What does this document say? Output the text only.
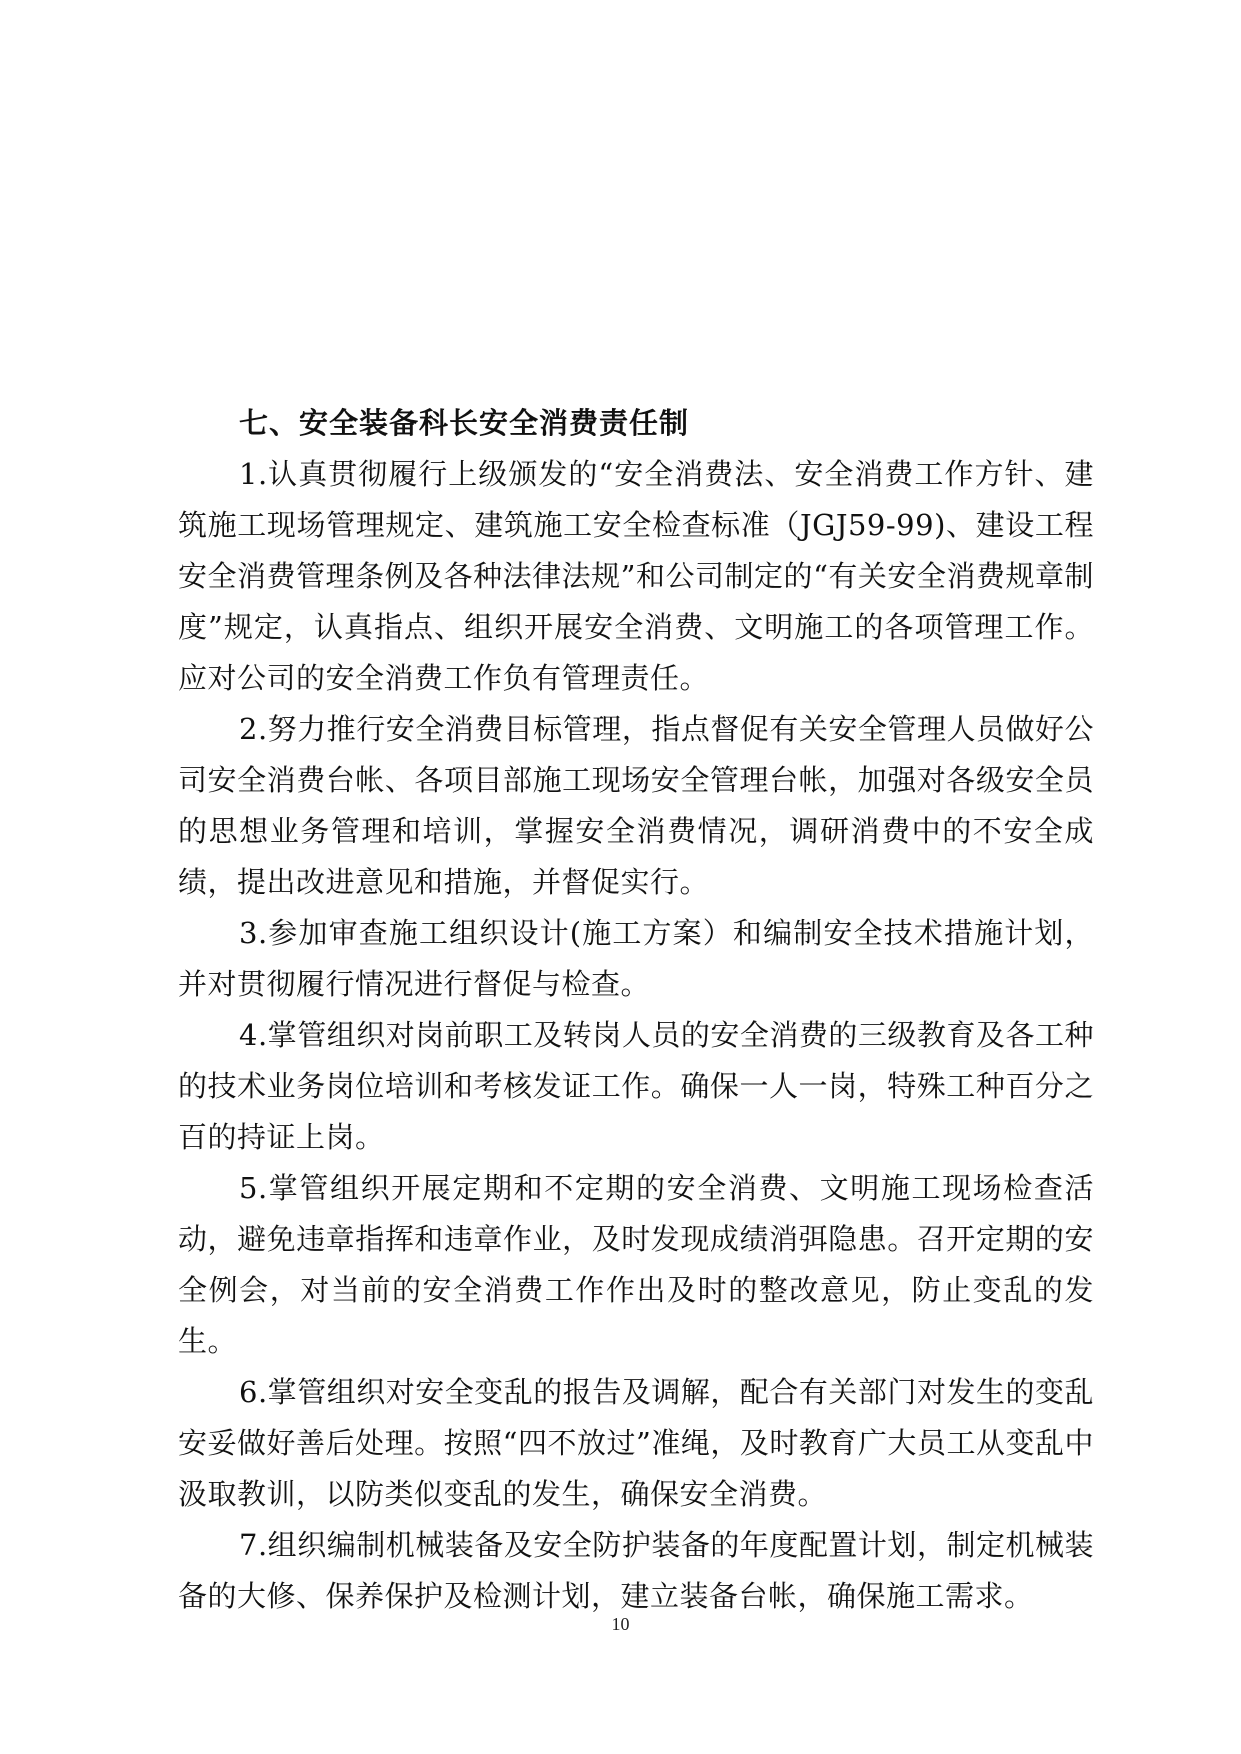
七、安全装备科长安全消费责任制

1.认真贯彻履行上级颁发的“安全消费法、安全消费工作方针、建筑施工现场管理规定、建筑施工安全检查标准（JGJ59-99)、建设工程安全消费管理条例及各种法律法规”和公司制定的“有关安全消费规章制度”规定，认真指点、组织开展安全消费、文明施工的各项管理工作。应对公司的安全消费工作负有管理责任。

2.努力推行安全消费目标管理，指点督促有关安全管理人员做好公司安全消费台帐、各项目部施工现场安全管理台帐，加强对各级安全员的思想业务管理和培训，掌握安全消费情况，调研消费中的不安全成绩，提出改进意见和措施，并督促实行。

3.参加审查施工组织设计(施工方案）和编制安全技术措施计划，并对贯彻履行情况进行督促与检查。

4.掌管组织对岗前职工及转岗人员的安全消费的三级教育及各工种的技术业务岗位培训和考核发证工作。确保一人一岗，特殊工种百分之百的持证上岗。

5.掌管组织开展定期和不定期的安全消费、文明施工现场检查活动，避免违章指挥和违章作业，及时发现成绩消弭隐患。召开定期的安全例会，对当前的安全消费工作作出及时的整改意见，防止变乱的发生。

6.掌管组织对安全变乱的报告及调解，配合有关部门对发生的变乱安妥做好善后处理。按照“四不放过”准绳，及时教育广大员工从变乱中汲取教训，以防类似变乱的发生，确保安全消费。

7.组织编制机械装备及安全防护装备的年度配置计划，制定机械装备的大修、保养保护及检测计划，建立装备台帐，确保施工需求。

10
